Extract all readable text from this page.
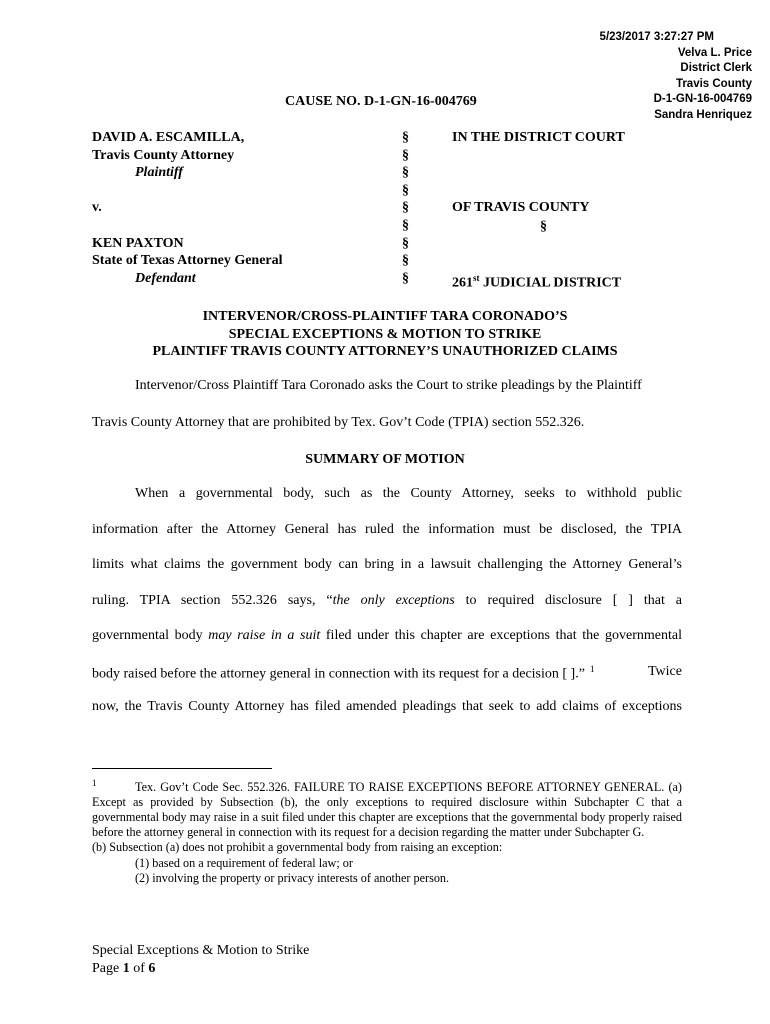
5/23/2017 3:27:27 PM
Velva L. Price
District Clerk
Travis County
D-1-GN-16-004769
Sandra Henriquez
CAUSE NO. D-1-GN-16-004769
DAVID A. ESCAMILLA,
Travis County Attorney
Plaintiff

v.

KEN PAXTON
State of Texas Attorney General
Defendant
§
§
§
§
§
§
§
§
§
IN THE DISTRICT COURT
OF TRAVIS COUNTY
§
261st JUDICIAL DISTRICT
INTERVENOR/CROSS-PLAINTIFF TARA CORONADO’S
SPECIAL EXCEPTIONS & MOTION TO STRIKE
PLAINTIFF TRAVIS COUNTY ATTORNEY’S UNAUTHORIZED CLAIMS
Intervenor/Cross Plaintiff Tara Coronado asks the Court to strike pleadings by the Plaintiff
Travis County Attorney that are prohibited by Tex. Gov’t Code (TPIA) section 552.326.
SUMMARY OF MOTION
When a governmental body, such as the County Attorney, seeks to withhold public
information after the Attorney General has ruled the information must be disclosed, the TPIA
limits what claims the government body can bring in a lawsuit challenging the Attorney General’s
ruling. TPIA section 552.326 says, “the only exceptions to required disclosure [ ] that a
governmental body may raise in a suit filed under this chapter are exceptions that the governmental
body raised before the attorney general in connection with its request for a decision [ ].” $^1$	Twice
now, the Travis County Attorney has filed amended pleadings that seek to add claims of exceptions
$^1$	Tex. Gov’t Code Sec. 552.326. FAILURE TO RAISE EXCEPTIONS BEFORE ATTORNEY GENERAL. (a) Except as provided by Subsection (b), the only exceptions to required disclosure within Subchapter C that a governmental body may raise in a suit filed under this chapter are exceptions that the governmental body properly raised before the attorney general in connection with its request for a decision regarding the matter under Subchapter G.
(b) Subsection (a) does not prohibit a governmental body from raising an exception:
(1) based on a requirement of federal law; or
(2) involving the property or privacy interests of another person.
Special Exceptions & Motion to Strike
Page 1 of 6
